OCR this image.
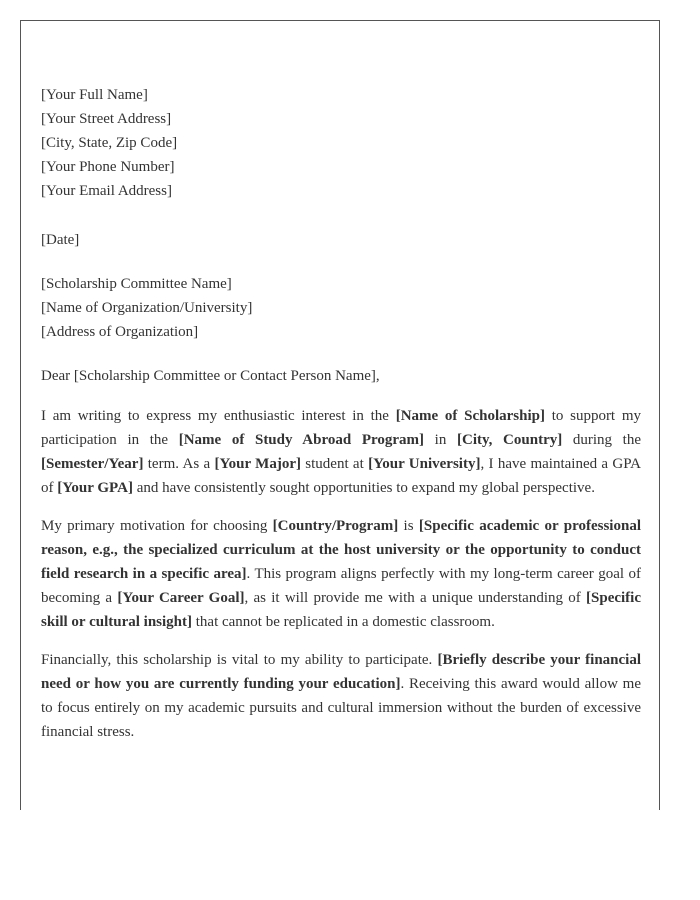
[Your Full Name]
[Your Street Address]
[City, State, Zip Code]
[Your Phone Number]
[Your Email Address]
[Date]
[Scholarship Committee Name]
[Name of Organization/University]
[Address of Organization]
Dear [Scholarship Committee or Contact Person Name],

I am writing to express my enthusiastic interest in the [Name of Scholarship] to support my participation in the [Name of Study Abroad Program] in [City, Country] during the [Semester/Year] term. As a [Your Major] student at [Your University], I have maintained a GPA of [Your GPA] and have consistently sought opportunities to expand my global perspective.

My primary motivation for choosing [Country/Program] is [Specific academic or professional reason, e.g., the specialized curriculum at the host university or the opportunity to conduct field research in a specific area]. This program aligns perfectly with my long-term career goal of becoming a [Your Career Goal], as it will provide me with a unique understanding of [Specific skill or cultural insight] that cannot be replicated in a domestic classroom.

Financially, this scholarship is vital to my ability to participate. [Briefly describe your financial need or how you are currently funding your education]. Receiving this award would allow me to focus entirely on my academic pursuits and cultural immersion without the burden of excessive financial stress.
